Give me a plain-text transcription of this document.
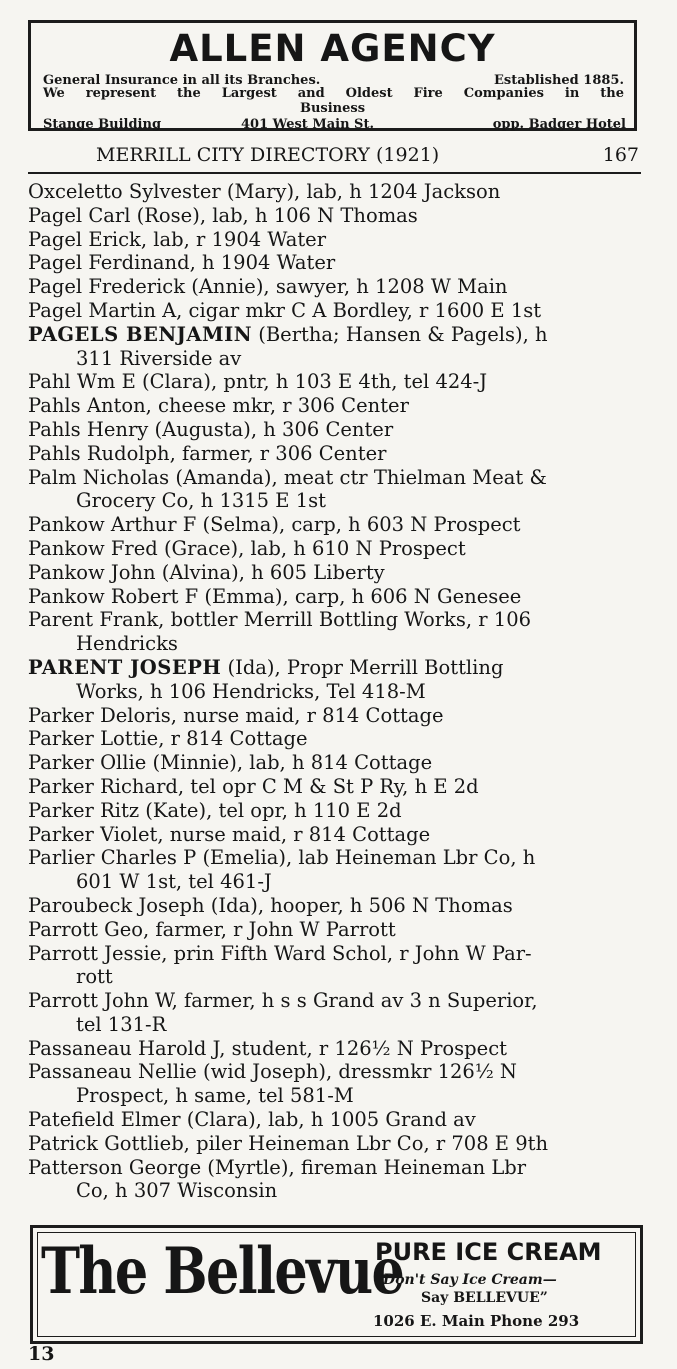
ALLEN AGENCY
General Insurance in all its Branches.	Established 1885.
We represent the Largest and Oldest Fire Companies in the
Business
Stange Building	401 West Main St.	opp. Badger Hotel
MERRILL CITY DIRECTORY (1921)	167
Oxceletto Sylvester (Mary), lab, h 1204 Jackson
Pagel Carl (Rose), lab, h 106 N Thomas
Pagel Erick, lab, r 1904 Water
Pagel Ferdinand, h 1904 Water
Pagel Frederick (Annie), sawyer, h 1208 W Main
Pagel Martin A, cigar mkr C A Bordley, r 1600 E 1st
PAGELS BENJAMIN (Bertha; Hansen & Pagels), h
311 Riverside av
Pahl Wm E (Clara), pntr, h 103 E 4th, tel 424-J
Pahls Anton, cheese mkr, r 306 Center
Pahls Henry (Augusta), h 306 Center
Pahls Rudolph, farmer, r 306 Center
Palm Nicholas (Amanda), meat ctr Thielman Meat &
Grocery Co, h 1315 E 1st
Pankow Arthur F (Selma), carp, h 603 N Prospect
Pankow Fred (Grace), lab, h 610 N Prospect
Pankow John (Alvina), h 605 Liberty
Pankow Robert F (Emma), carp, h 606 N Genesee
Parent Frank, bottler Merrill Bottling Works, r 106
Hendricks
PARENT JOSEPH (Ida), Propr Merrill Bottling
Works, h 106 Hendricks, Tel 418-M
Parker Deloris, nurse maid, r 814 Cottage
Parker Lottie, r 814 Cottage
Parker Ollie (Minnie), lab, h 814 Cottage
Parker Richard, tel opr C M & St P Ry, h E 2d
Parker Ritz (Kate), tel opr, h 110 E 2d
Parker Violet, nurse maid, r 814 Cottage
Parlier Charles P (Emelia), lab Heineman Lbr Co, h
601 W 1st, tel 461-J
Paroubeck Joseph (Ida), hooper, h 506 N Thomas
Parrott Geo, farmer, r John W Parrott
Parrott Jessie, prin Fifth Ward Schol, r John W Par-
rott
Parrott John W, farmer, h s s Grand av 3 n Superior,
tel 131-R
Passaneau Harold J, student, r 126½ N Prospect
Passaneau Nellie (wid Joseph), dressmkr 126½ N
Prospect, h same, tel 581-M
Patefield Elmer (Clara), lab, h 1005 Grand av
Patrick Gottlieb, piler Heineman Lbr Co, r 708 E 9th
Patterson George (Myrtle), fireman Heineman Lbr
Co, h 307 Wisconsin
The Bellevue
PURE ICE CREAM
“Don't Say Ice Cream—
Say BELLEVUE”
1026 E. Main Phone 293
13
